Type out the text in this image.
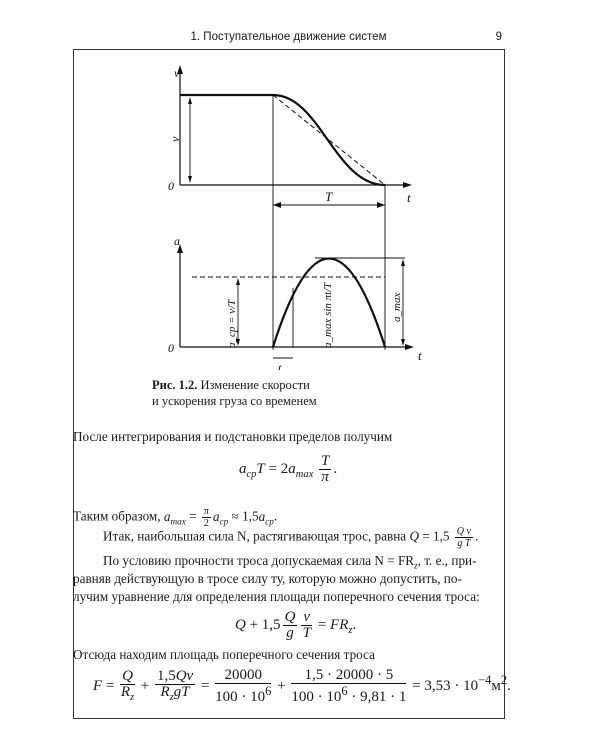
1. Поступательное движение систем	9
v
0
t
v
T
a
0	t
t
a_cp = v/T	a_max sin πt/T	a_max
Рис. 1.2. Изменение скорости
и ускорения груза со временем
После интегрирования и подстановки пределов получим
$a_{cp}T = 2a_{max} \frac{T}{\pi}$ .
Таким образом, $a_{max} = \frac{\pi}{2} a_{cp} \approx 1,5a_{cp}$.
Итак, наибольшая сила N, растягивающая трос, равна $Q = 1,5 \frac{\text{Q v}}{\text{g T}}$ .
По условию прочности троса допускаемая сила $N = FR_z$, т. е., при-
равняв действующую в тросе силу ту, которую можно допустить, по-
лучим уравнение для определения площади поперечного сечения троса:
$Q + 1,5 \frac{Q}{g} \frac{v}{T} = FR_z$.
Отсюда находим площадь поперечного сечения троса
$F = \frac{Q}{R_z} + \frac{1,5Qv}{R_zgT} = \frac{20000}{100 \cdot 10^6} + \frac{1,5 \cdot 20000 \cdot 5}{100 \cdot 10^6 \cdot 9,81 \cdot 1} = 3,53 \cdot 10^{-4}м^2$.
